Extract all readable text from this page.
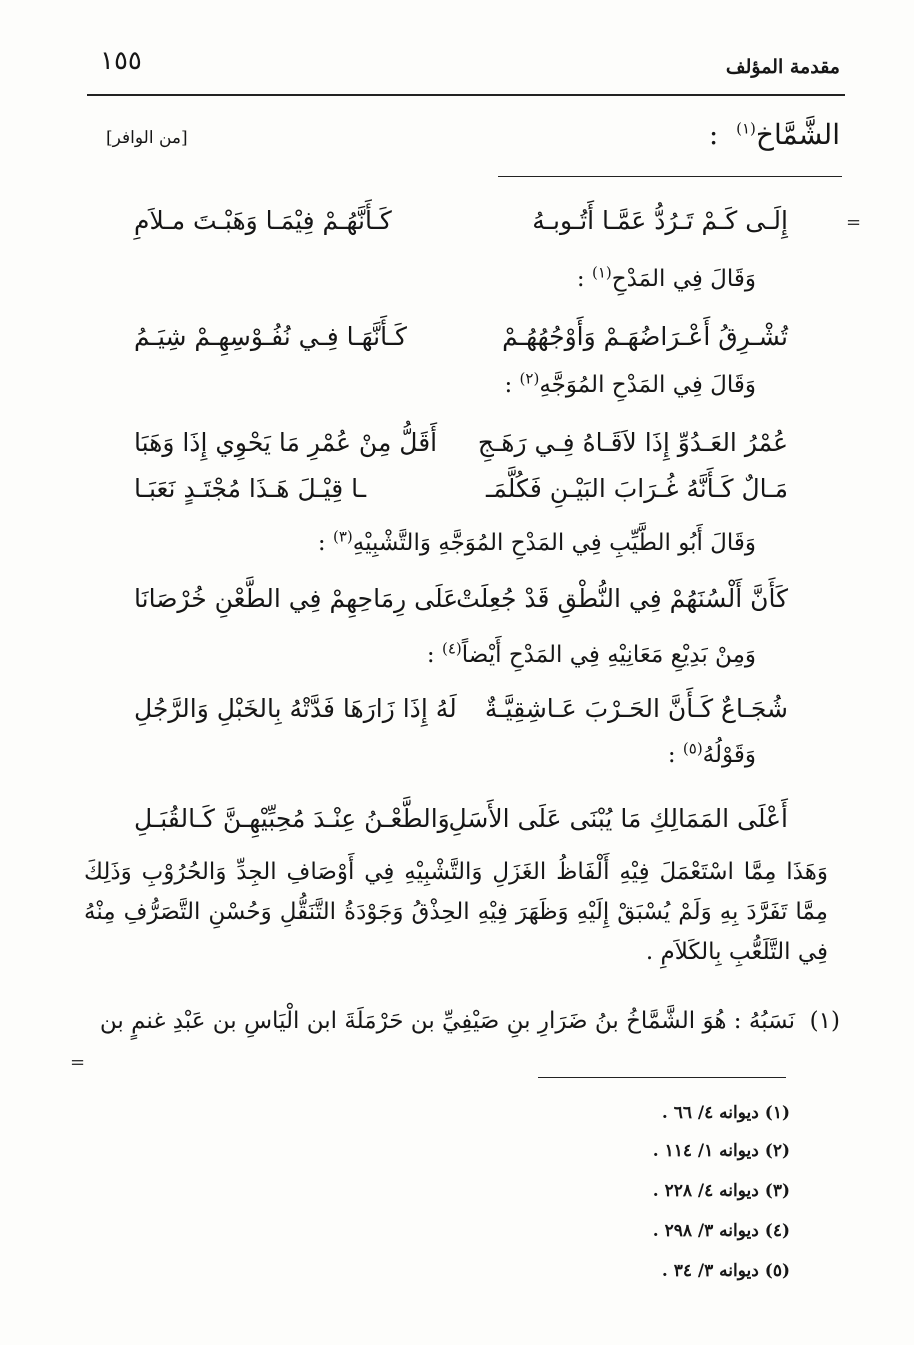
مقدمة المؤلف
١٥٥
الشَّمَّاخ$^{(١)}$  :
[من الوافر]
=
إِلَـى كَـمْ تَـرُدُّ عَمَّـا أَتُـوبـهُ
كَـأَنَّهُـمْ فِيْمَـا وَهَبْـتَ مـلاَمِ
وَقَالَ فِي المَدْحِ$^{(١)}$ :
تُشْـرِقُ أَعْـرَاضُهَـمْ وَأَوْجُهُهُـمْ
كَـأَنَّهَـا فِـي نُفُـوْسِهِـمْ شِيَـمُ
وَقَالَ فِي المَدْحِ المُوَجَّهِ$^{(٢)}$ :
عُمْرُ العَـدُوِّ إِذَا لاَقَـاهُ فِـي رَهَـجِ
أَقَلُّ مِنْ عُمْرِ مَا يَحْوِي إِذَا وَهَبَا
مَـالٌ كَـأَنَّهُ غُـرَابَ البَيْـنِ فَكُلَّمَـ
ـا قِيْـلَ هَـذَا مُجْتَـدٍ نَعَبَـا
وَقَالَ أَبُو الطَّيِّبِ فِي المَدْحِ المُوَجَّهِ وَالتَّشْبِيْهِ$^{(٣)}$ :
كَأَنَّ أَلْسُنَهُمْ فِي النُّطْقِ قَدْ جُعِلَتْ
عَلَى رِمَاحِهِمْ فِي الطَّعْنِ خُرْصَانَا
وَمِنْ بَدِيْعِ مَعَانِيْهِ فِي المَدْحِ أَيْضاً$^{(٤)}$ :
شُجَـاعٌ كَـأَنَّ الحَـرْبَ عَـاشِقِيَّـةٌ
لَهُ إِذَا زَارَهَا فَدَّتْهُ بِالخَبْلِ وَالرَّجُلِ
وَقَوْلُهُ$^{(٥)}$ :
أَعْلَى المَمَالِكِ مَا يُبْنَى عَلَى الأَسَلِ
وَالطَّعْـنُ عِنْـدَ مُحِبِّيْهِـنَّ كَـالقُبَـلِ
وَهَذَا مِمَّا اسْتَعْمَلَ فِيْهِ أَلْفَاظُ الغَزَلِ وَالتَّشْبِيْهِ فِي أَوْصَافِ الجِدِّ وَالحُرُوْبِ وَذَلِكَ مِمَّا تَفَرَّدَ بِهِ وَلَمْ يُسْبَقْ إِلَيْهِ وَظَهَرَ فِيْهِ الحِذْقُ وَجَوْدَةُ التَّنَقُّلِ وَحُسْنِ التَّصَرُّفِ مِنْهُ فِي التَّلَعُّبِ بِالكَلاَمِ .
(١)  نَسَبُهُ : هُوَ الشَّمَّاخُ بنُ ضَرَارِ بنِ صَيْفِيِّ بن حَرْمَلَةَ ابن الْيَاسِ بن عَبْدِ غنمٍ بن
=
(١) ديوانه ٤/ ٦٦ .
(٢) ديوانه ١/ ١١٤ .
(٣) ديوانه ٤/ ٢٢٨ .
(٤) ديوانه ٣/ ٢٩٨ .
(٥) ديوانه ٣/ ٣٤ .
